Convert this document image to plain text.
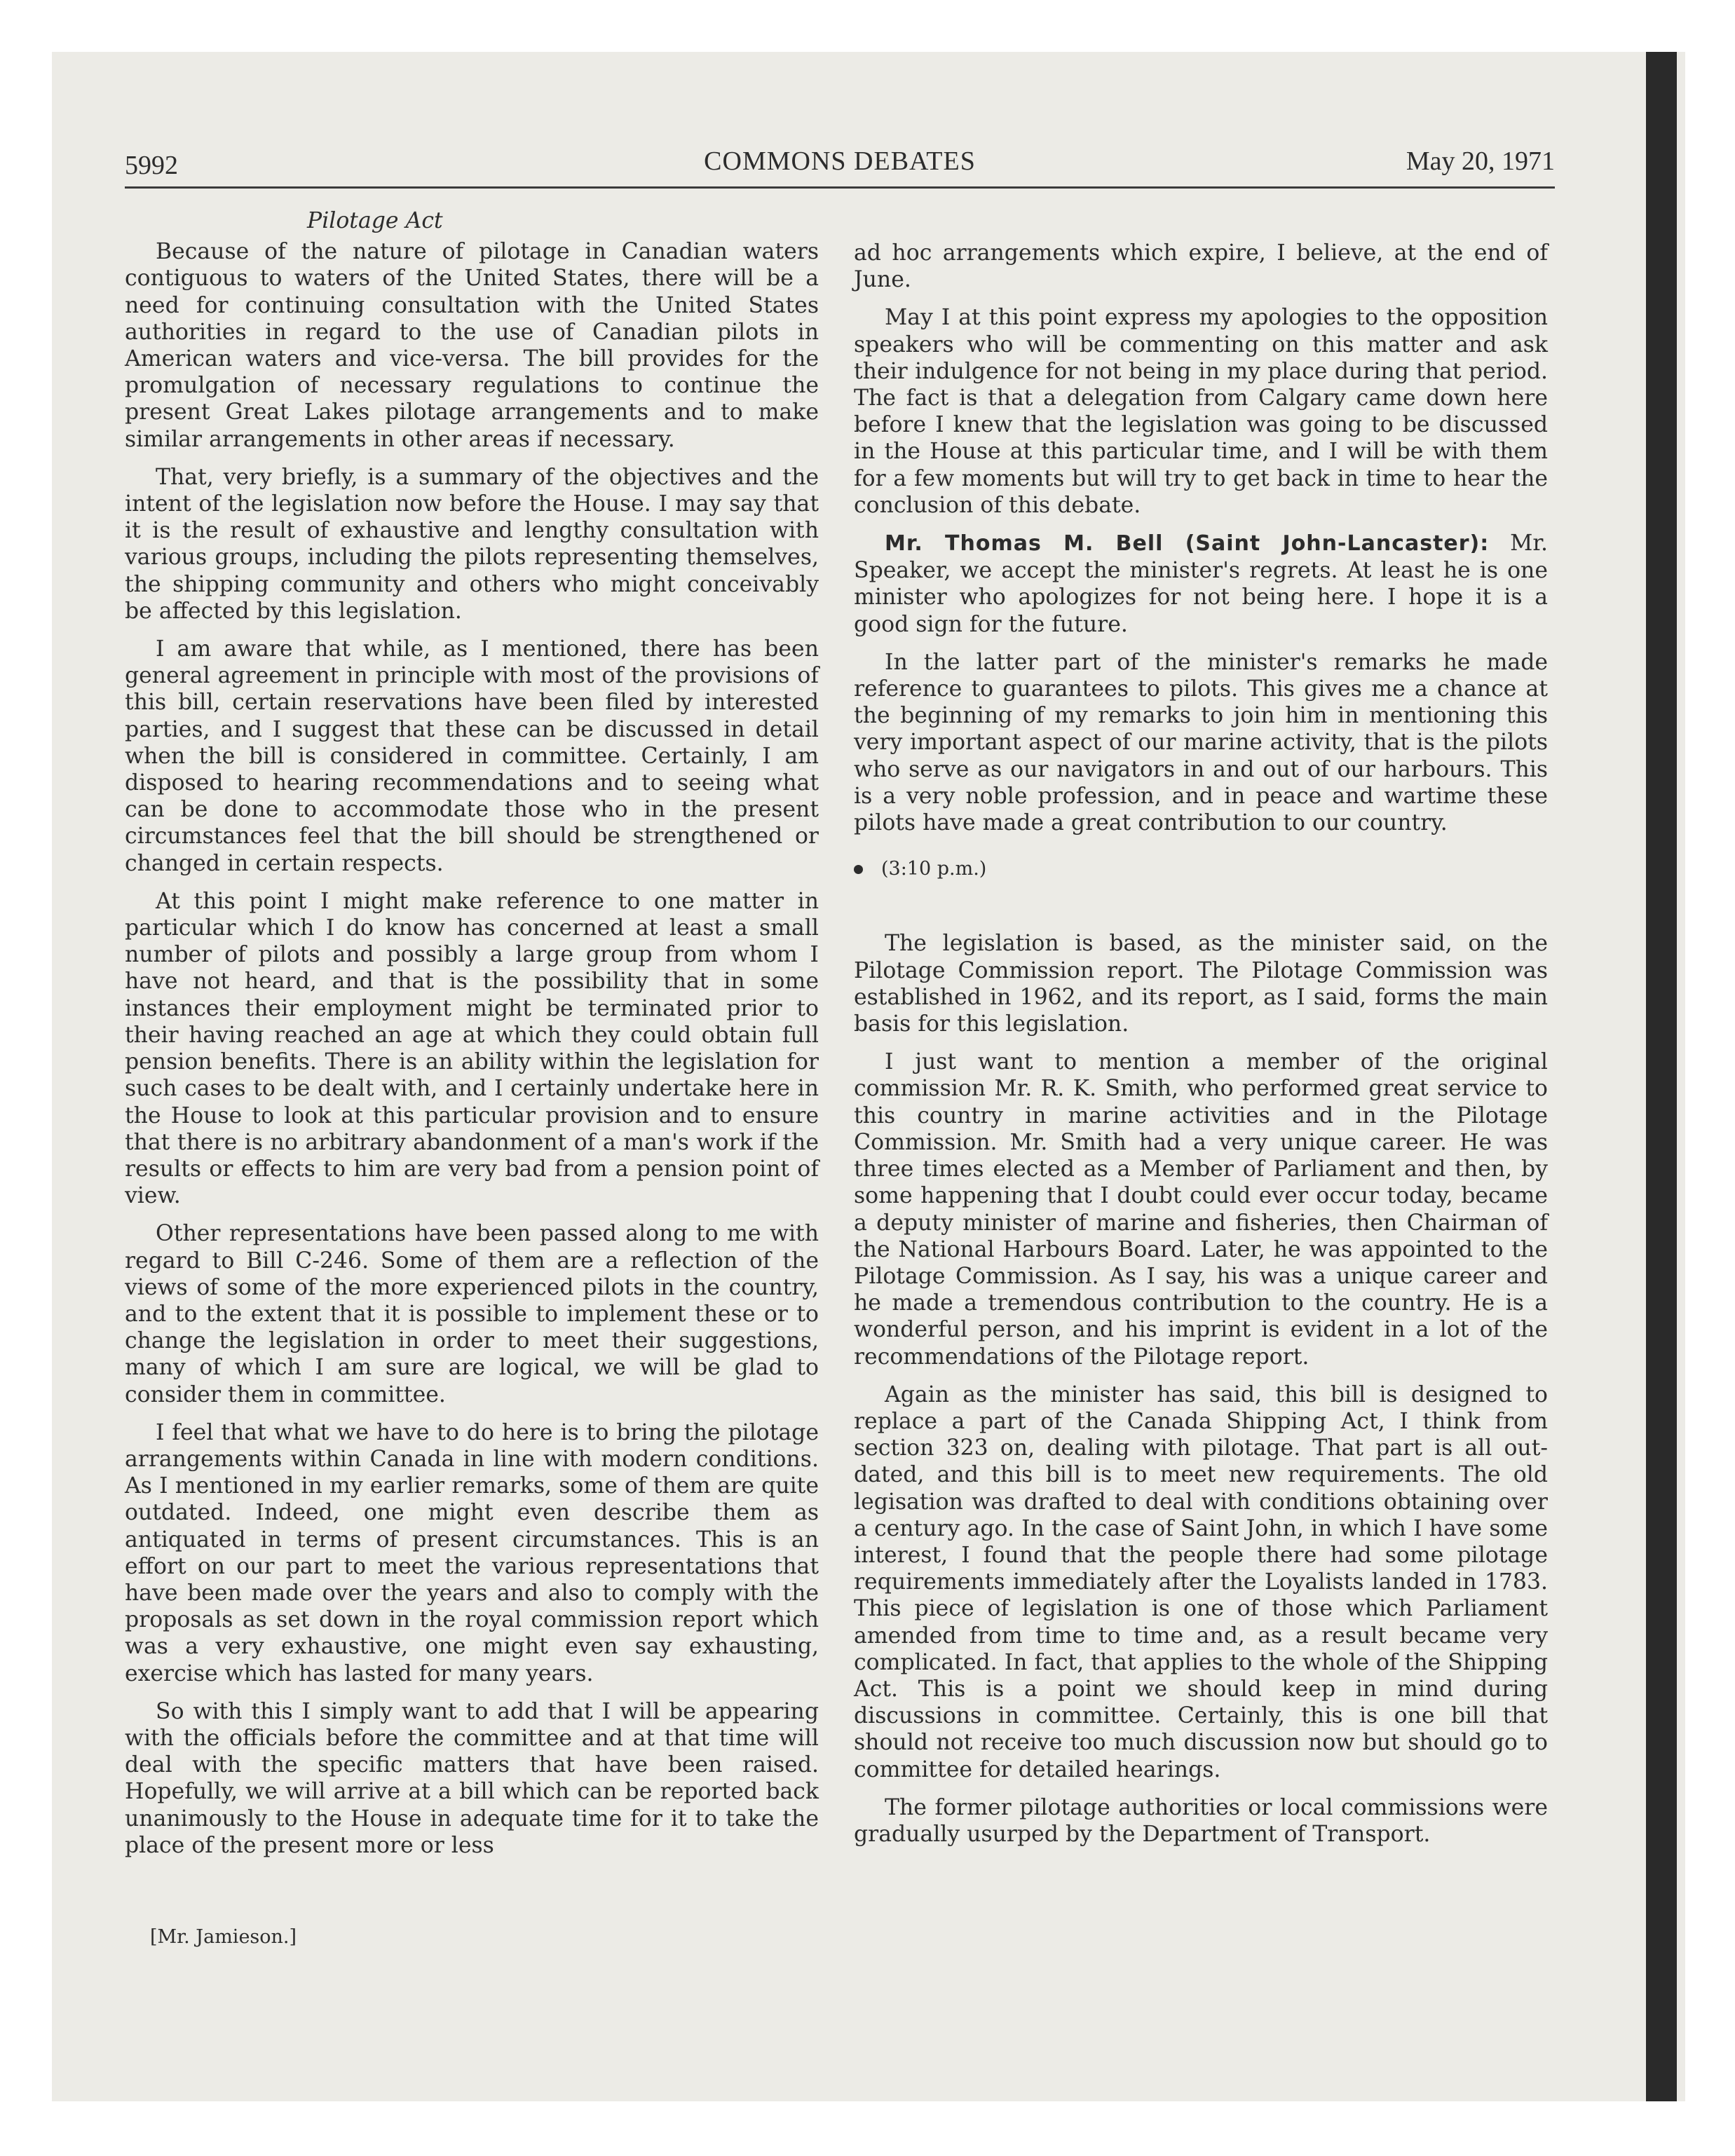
5992	COMMONS DEBATES	May 20, 1971
Pilotage Act

Because of the nature of pilotage in Canadian waters contiguous to waters of the United States, there will be a need for continuing consultation with the United States authorities in regard to the use of Canadian pilots in American waters and vice-versa. The bill provides for the promulgation of necessary regulations to continue the present Great Lakes pilotage arrangements and to make similar arrangements in other areas if necessary.

That, very briefly, is a summary of the objectives and the intent of the legislation now before the House. I may say that it is the result of exhaustive and lengthy consultation with various groups, including the pilots representing themselves, the shipping community and others who might conceivably be affected by this legislation.

I am aware that while, as I mentioned, there has been general agreement in principle with most of the provisions of this bill, certain reservations have been filed by interested parties, and I suggest that these can be discussed in detail when the bill is considered in committee. Certainly, I am disposed to hearing recommendations and to seeing what can be done to accommodate those who in the present circumstances feel that the bill should be strengthened or changed in certain respects.

At this point I might make reference to one matter in particular which I do know has concerned at least a small number of pilots and possibly a large group from whom I have not heard, and that is the possibility that in some instances their employment might be terminated prior to their having reached an age at which they could obtain full pension benefits. There is an ability within the legislation for such cases to be dealt with, and I certainly undertake here in the House to look at this particular provision and to ensure that there is no arbitrary abandonment of a man's work if the results or effects to him are very bad from a pension point of view.

Other representations have been passed along to me with regard to Bill C-246. Some of them are a reflection of the views of some of the more experienced pilots in the country, and to the extent that it is possible to implement these or to change the legislation in order to meet their suggestions, many of which I am sure are logical, we will be glad to consider them in committee.

I feel that what we have to do here is to bring the pilotage arrangements within Canada in line with modern conditions. As I mentioned in my earlier remarks, some of them are quite outdated. Indeed, one might even describe them as antiquated in terms of present circumstances. This is an effort on our part to meet the various representations that have been made over the years and also to comply with the proposals as set down in the royal commission report which was a very exhaustive, one might even say exhausting, exercise which has lasted for many years.

So with this I simply want to add that I will be appearing with the officials before the committee and at that time will deal with the specific matters that have been raised. Hopefully, we will arrive at a bill which can be reported back unanimously to the House in adequate time for it to take the place of the present more or less

[Mr. Jamieson.]

ad hoc arrangements which expire, I believe, at the end of June.

May I at this point express my apologies to the opposition speakers who will be commenting on this matter and ask their indulgence for not being in my place during that period. The fact is that a delegation from Calgary came down here before I knew that the legislation was going to be discussed in the House at this particular time, and I will be with them for a few moments but will try to get back in time to hear the conclusion of this debate.

Mr. Thomas M. Bell (Saint John-Lancaster): Mr. Speaker, we accept the minister's regrets. At least he is one minister who apologizes for not being here. I hope it is a good sign for the future.

In the latter part of the minister's remarks he made reference to guarantees to pilots. This gives me a chance at the beginning of my remarks to join him in mentioning this very important aspect of our marine activity, that is the pilots who serve as our navigators in and out of our harbours. This is a very noble profession, and in peace and wartime these pilots have made a great contribution to our country.

(3:10 p.m.)

The legislation is based, as the minister said, on the Pilotage Commission report. The Pilotage Commission was established in 1962, and its report, as I said, forms the main basis for this legislation.

I just want to mention a member of the original commission Mr. R. K. Smith, who performed great service to this country in marine activities and in the Pilotage Commission. Mr. Smith had a very unique career. He was three times elected as a Member of Parliament and then, by some happening that I doubt could ever occur today, became a deputy minister of marine and fisheries, then Chairman of the National Harbours Board. Later, he was appointed to the Pilotage Commission. As I say, his was a unique career and he made a tremendous contribution to the country. He is a wonderful person, and his imprint is evident in a lot of the recommendations of the Pilotage report.

Again as the minister has said, this bill is designed to replace a part of the Canada Shipping Act, I think from section 323 on, dealing with pilotage. That part is all out-dated, and this bill is to meet new requirements. The old legisation was drafted to deal with conditions obtaining over a century ago. In the case of Saint John, in which I have some interest, I found that the people there had some pilotage requirements immediately after the Loyalists landed in 1783. This piece of legislation is one of those which Parliament amended from time to time and, as a result became very complicated. In fact, that applies to the whole of the Shipping Act. This is a point we should keep in mind during discussions in committee. Certainly, this is one bill that should not receive too much discussion now but should go to committee for detailed hearings.

The former pilotage authorities or local commissions were gradually usurped by the Department of Transport.
